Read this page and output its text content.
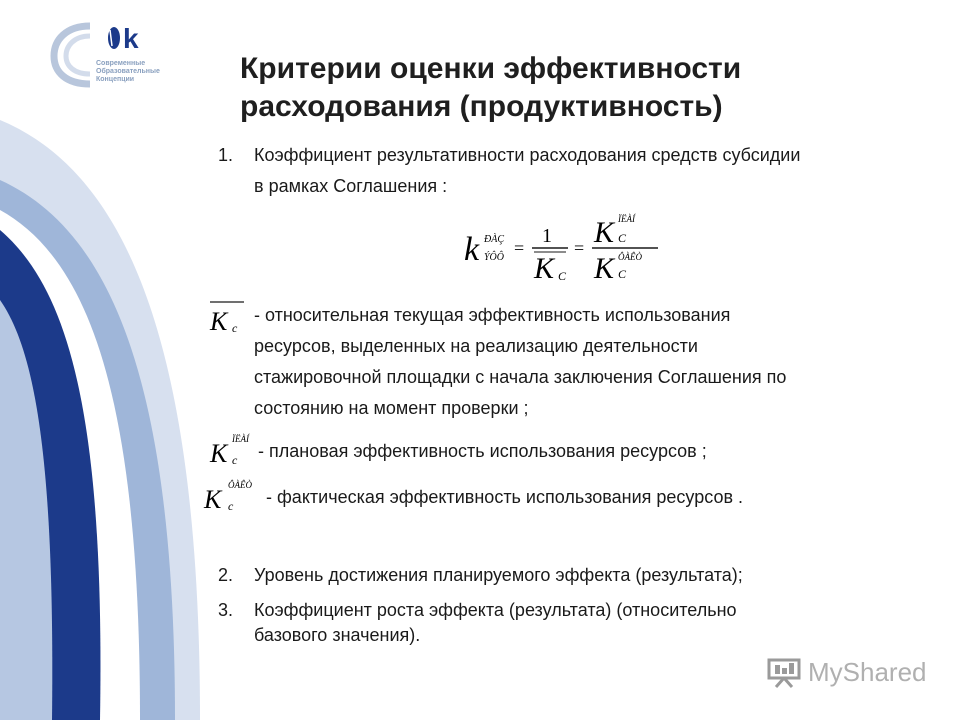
k
Современные
Образовательные
Концепции	Критерии оценки эффективности
расходования (продуктивность)
1. Коэффициент результативности расходования средств субсидии
в рамках Соглашения :
k ÐÀÇ
ÝÔÔ =
1
K C
= K ÏËÀÍ
C
K ÔÀÊÒ
C
K c
- относительная текущая эффективность использования
ресурсов, выделенных на реализацию деятельности
стажировочной площадки с начала заключения Соглашения по
состоянию на момент проверки ;
K ÏËÀÍ
c - плановая эффективность использования ресурсов ;
K ÔÀÊÒ
c - фактическая эффективность использования ресурсов .
2. Уровень достижения планируемого эффекта (результата);
3. Коэффициент роста эффекта (результата) (относительно
базового значения).
MyShared
